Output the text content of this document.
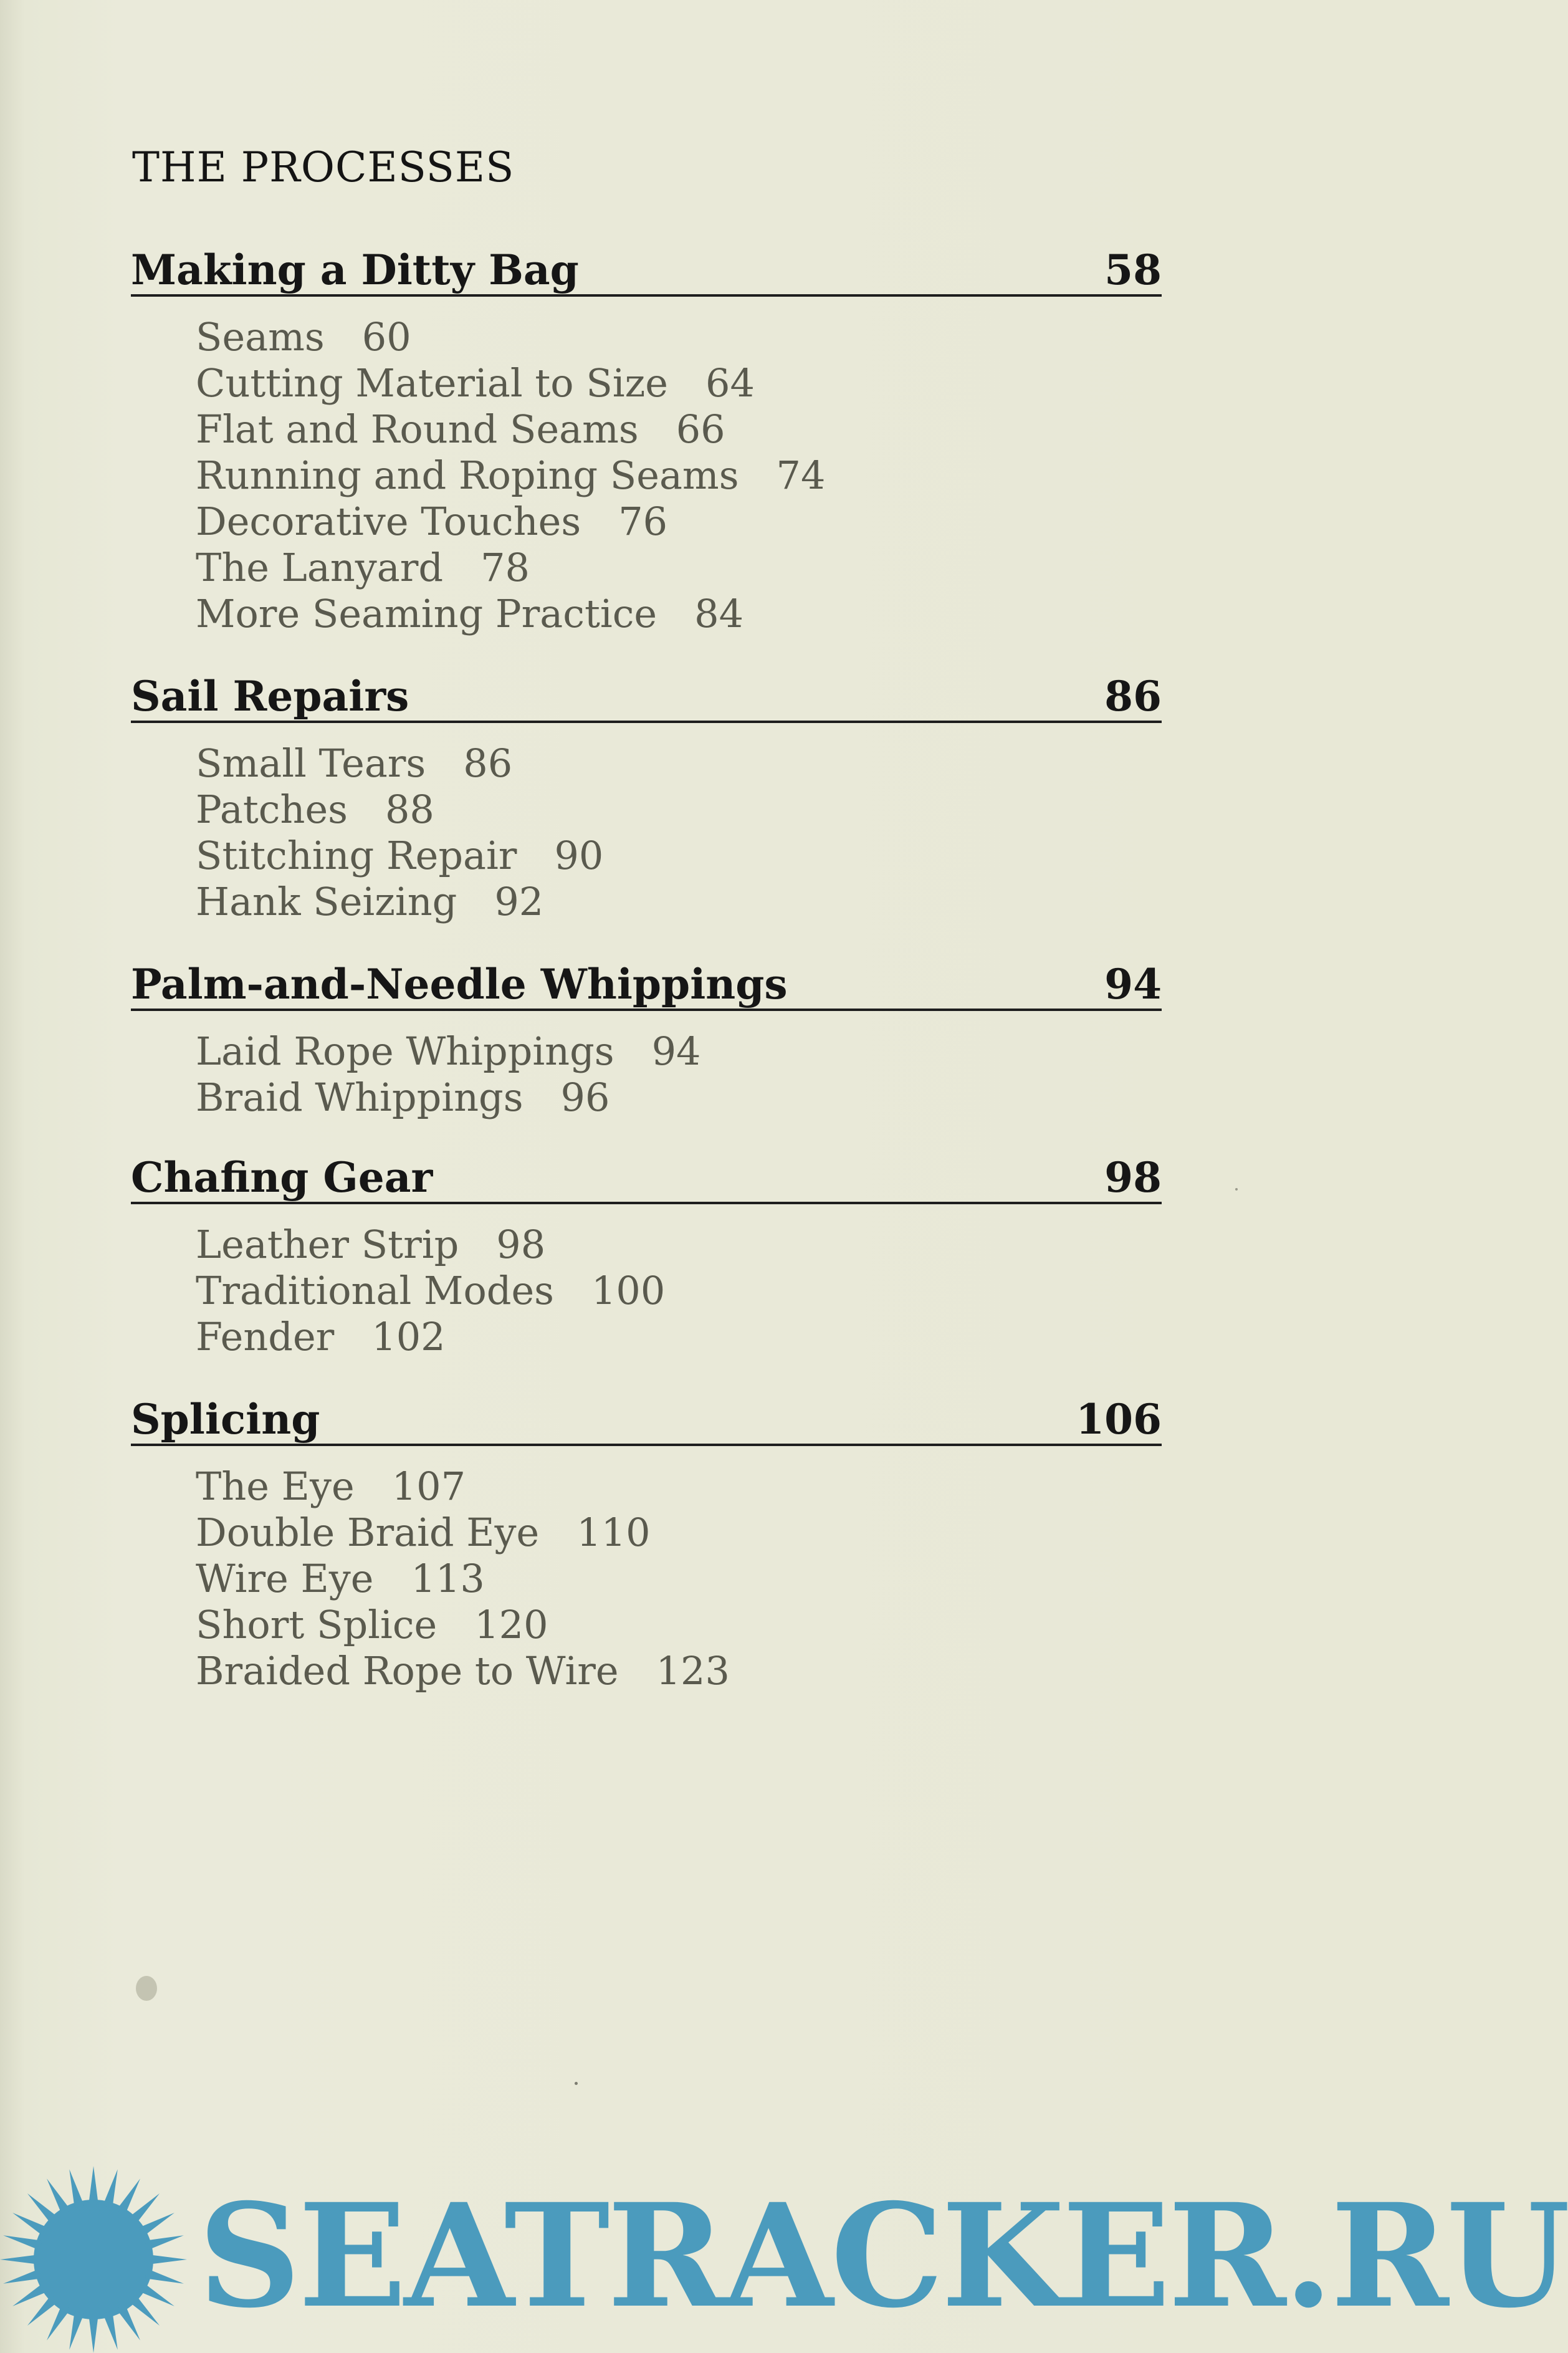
THE PROCESSES
Making a Ditty Bag	58
Seams 60
Cutting Material to Size 64
Flat and Round Seams 66
Running and Roping Seams 74
Decorative Touches 76
The Lanyard 78
More Seaming Practice 84
Sail Repairs	86
Small Tears 86
Patches 88
Stitching Repair 90
Hank Seizing 92
Palm-and-Needle Whippings	94
Laid Rope Whippings 94
Braid Whippings 96
Chafing Gear	98
Leather Strip 98
Traditional Modes 100
Fender 102
Splicing	106
The Eye 107
Double Braid Eye 110
Wire Eye 113
Short Splice 120
Braided Rope to Wire 123
SEATRACKER.RU
